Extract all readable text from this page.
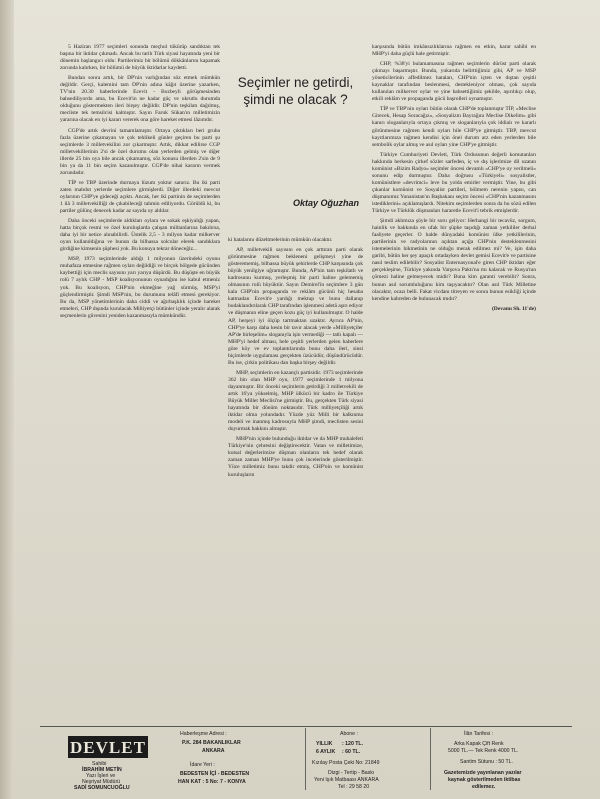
5 Haziran 1977 seçimleri sonunda meçhul tükürüp sandıktan tek başına bir iktidar çıkmadı. Ancak bu tarih Türk siyasi hayatında yeni bir dönemin başlangıcı oldu: Partilerimiz bir bölümü dökkânlarını kapamak zorunda kalırken, bir bölümü de büyük iktidarlar kaydetti.

Bundan sonra artık, bir DP'nin varlığından söz etmek mümkün değildir. Gerçi, kalemini tam DP'nin adına kâğıt üzerine yazarken, TV'nin 20.30 haberlerinde Ecevit - Bozbeyli görüşmesinden bahsediliyordu ama, bu Ecevit'in ne kadar güç ve ukrutlu durumda olduğunu göstermekten ileri birşey değildir. DP'nin teşkilatı dağılmış, mecliste tek temsilcisi kalmıştır. Sayın Faruk Sükan'ın milletimizin yararına olacak en iyi kararı vererek ona göre hareket etmesi lâzımdır.

CGP'de artık devrini tamamlamıştır. Ortaya çıktıkları beri gruba fazla üzerine çıkamayan ve çok tehlikeli günler geçiren bu parti şu seçimlerde 3 milletvekilini zor çıkarmıştır. Artık, dikkat edilirse CGP milletvekillerinin 2'si de özel durumu olan yerlerden gelmiş ve diğer illerde 25 bin oya bile ancak çıkamamış, söz konusu illerden 2'sin de 9 bin ya da 11 bin seçim kazanılmıştır. CGP'de nihai kararın vermek zorundadır.

TİP ve TBP üzerinde durmaya lüzum yoktur sanırız. Bu iki parti zaten mahdut yerlerde seçimlere girmişlerdi. Diğer illerdeki mevcut oylarının CHP'ye gideceği açıktı. Ancak, her iki partinin de seçimlerden 1 ilâ 3 milletvekilliği de çıkabileceği tahmin ediliyordu. Görüldü ki, bu partiler gülünç denecek kadar az sayıda oy aldılar.

Daha önceki seçimlerde aldıkları oylara ve sokak eşkiyalığı yapan, hatta birçok resmi ve özel kuruluşlarda çalışan militanlarına bakılırsa, daha iyi bir netice alınabilirdi. Üstelik 2,5 - 3 milyon kadar milkerver oyun kullanıldığına ve bunun da bilhassa solcular elerek sandıklara girdiğine kimsenin şüphesi yok. Bu konuya tekrar döneceğiz...

MSP, 1973 seçimlerinde aldığı 1 milyonun üzerindeki oyunu muhafaza etmesine rağmen oyları değildiği ve birçok bölgede gücünden kaybettiği için meclis sayısını yarı yarıya düşürdü. Bu düşüşte en büyük rolü 7 aylık CHP - MSP koalisyonunun oynadığını ise kabul etmeniz yok. Bu koalisyon, CHP'nin ekmeğine yağ sürmüş, MSP'yi güçlendirmiştir. Şimdi MSP'nin, bu durumunu telâfi etmesi gerekiyor. Bu da, MSP yönetimlerinin daha ciddi ve ağırbaşlılık içinde hareket etmeleri, CHP dışında kurulacak Milliyetçi bütünler içinde yeralır alarak seçmenlerin güvenini yeniden kazanmasıyla mümkündür.

Seçimler ne getirdi,
şimdi ne olacak ?
Oktay Oğuzhan

ki hatalarını düzeltmelerinin mümkün olacaktır.

AP, milletvekili sayısını en çok arttıran parti olarak görünmesine rağmen bekleneni gelişmeyi yine de gösterememiş, bilhassa büyük şehirlerde CHP karşısında çok büyük yenilgiye uğramıştır. Bunda, AP'nin tam teşkilatlı ve kadrosunu kurmuş, yerleşmiş bir parti haline gelememiş olmasının rolü büyüktür. Sayın Demirel'in seçimlere 3 gün kala CHP'nin propaganda ve reklâm gücünü hiç hesaba katmadan Ecevit'e yardığı mektup ve bunu dallanıp budaklandırılarak CHP tarafından işlenmesi adetâ aşırı ediyor ve düşmanın eline geçen kozu güç iyi kullanılmıştır. O halde AP, herşeyi iyi ölçüp tartmaktan uzaktır. Ayrıca AP'nin, CHP'ye karşı daha kesin bir tavır alacak yerde «Milliyetçiler AP'de birleşelim» sloganıyla işin vermediği — tatlı kapalı — MHP'yi hedef alması, hele çeşitli yerlerden gelen haberlere göre köy ve ev toplantılarında bunu daha ileri, sinsi biçimlerde uygulaması gerçekten üzücüdür, düşündürücüdür. Bu ise, çirkin politikası dan başka birşey değildir.

MHP, seçimlerin en kazançlı partisidir. 1973 seçimlerinde 362 bin olan MHP oyu, 1977 seçimlerinde 1 milyona dayanmıştır. Bir önceki seçimlerin getirdiği 3 milletvekili de artık 16'ya yükselmiş, MHP ülkücü bir kadro ile Türkiye Büyük Millet Meclisi'ne girmiştir. Bu, gerçekten Türk siyasi hayatında bir dönüm noktasıdır. Türk milliyetçiliği artık iktidar olma yolundadır. Yüzde yüz Milli bir kalkınma modeli ve inanmış kadrosuyla MHP şimdi, meclisten sesini duyurmak hakkını almıştır.

MHP'nin içinde bulunduğu iktidar ve da MHP muhalefeti Türkiye'nin çehresini değiştirecektir. Vatan ve milletimize, kutsal değerlerimize düşman olanların tek hedef olarak zaman zaman MHP'ye bunu çok incelerinde gösterilmiştir. Yüce milletimiz bunu takdir etmiş, CHP'nin ve komünist kuruluşların

karşısında bütün imkânsızlıklarına rağmen en etkin, karar sahibi en MHP'yi daha güçlü hale getirmiştir.

CHP, %38'yi bulamamasına rağmen seçimlerin dürüst parti olarak çıkmayı başarmıştır. Bunda, yukarıda belirttiğimiz gibi, AP ve MSP yöneticilerinin affedilmez hataları, CHP'nin içten ve dıştan çeşitli kaynaklar tarafından beslenmesi, destekleniyor olması, çok sayıda kullanılan milkerver oylar ve yine bahsettiğimiz şekilde, aşırılıkçı olup, etkili reklâm ve propaganda gücü başrolleri oynamıştır.

TİP ve TBP'nin oyları bütün olarak CHP'de toplanmıştır TİP, «Meclise Girecek, Hesap Soracağız», «Sosyalizm Bayrağını Meclise Dikelim» gibi kanırı sloganlarıyla ortaya çıkmış ve sloganlarıyla çok iddialı ve kararlı görünmesine rağmen kendi oyları bile CHP'ye gitmiştir. TBP, mevcut kayıtlarımıza rağmen kendisi için önel durum arz eden yerlerden bile sembolik oylar almış ve asıl oyları yine CHP'ye gitmiştir.

Türkiye Cumhuriyeti Devleti, Türk Ordusunun değerli komutanları hakkında herkesin çirkef sözler sarfeden, iç ve dış işlerimize dil uzatan komünist «Bizim Radyo» seçimler öncesi devamlı «CHP'ye oy verilmeli» sonunu edip durmuştur. Daha doğrusu «Türkiyeli» sosyalistler, komünistlere «devrimci» leve bu yolda emirler vermiştir. Yine, bu gibi çıkanlar komünist ve Sosyalist partileri, bölmem nerenin yapısı, can düşmanımız Yunanistan'ın Başbakanı seçim öncesi «CHP'nin kazanmasını istediklerini» açıklamışlardı. Nitekim seçimlerden sonra da bu sözü edilen Türkiye ve Türklük düşmanları hararetle Ecevit'i tebrik etmişlerdir.

Şimdi aklımıza şöyle bir soru geliyor: Herhangi bir tecavüz, sorgum, hainlik ve hakkında en ufak bir şüphe taşıdığı zaman yetkililer derhal faaliyete geçerler. O halde dünyadaki komünist ülke yetkililerinin, partilerinin ve radyolarının açıktan açığa CHP'nin desteklenmesini istemelerinin hikmetinin ne olduğu merak edilmez mi? Ve, işin daha garibi, bütün her şey apaçık ortadayken devlet gemisi Ecevit'e ve partisine nasıl teslim edilebilir? Sosyalist Enternasyonal'e giren CHP iktidarı eğer gerçekleşirse, Türkiye yakında Varşova Paktı'na mı kalacak ve Rusya'nın çömezi haline gelmeyecek midir? Buna kim garanti verebilir? Sonra, bunun asıl sorumluluğunu kim taşıyacaktır? Olan asıl Türk Milletine olacaktır, ocazı belli. Fakat vicdanı titreyen ve sonra bunun esikliği içinde kendine kahreden de bulunacak mıdır?

(Devamı Sh. 11'de)

DEVLET
Sahibi
İBRAHİM METİN
Yazı İşleri ve
Neşriyat Müdürü
SADİ SOMUNCUOĞLU
Haberleşme Adresi :
P.K. 284 BAKANLIKLAR
ANKARA
İdare Yeri :
BEDESTEN İÇİ - BEDESTEN
HAN KAT : 5 No: 7 - KONYA
Abone :
YILLIK : 120 TL.
6 AYLIK : 60 TL.
Kızılay Posta Çeki No: 21849
Dizgi - Tertip - Baskı
Yeni Işık Matbaası ANKARA
Tel : 29 58 20
İlân Tarifesi :
Arka Kapak Çift Renk
5000 TL.— Tek Renk 4000 TL.
Santim Sütunu : 50 TL.
Gazetemizde yayınlanan yazılar
kaynak gösterilmeden iktibas
edilemez.
